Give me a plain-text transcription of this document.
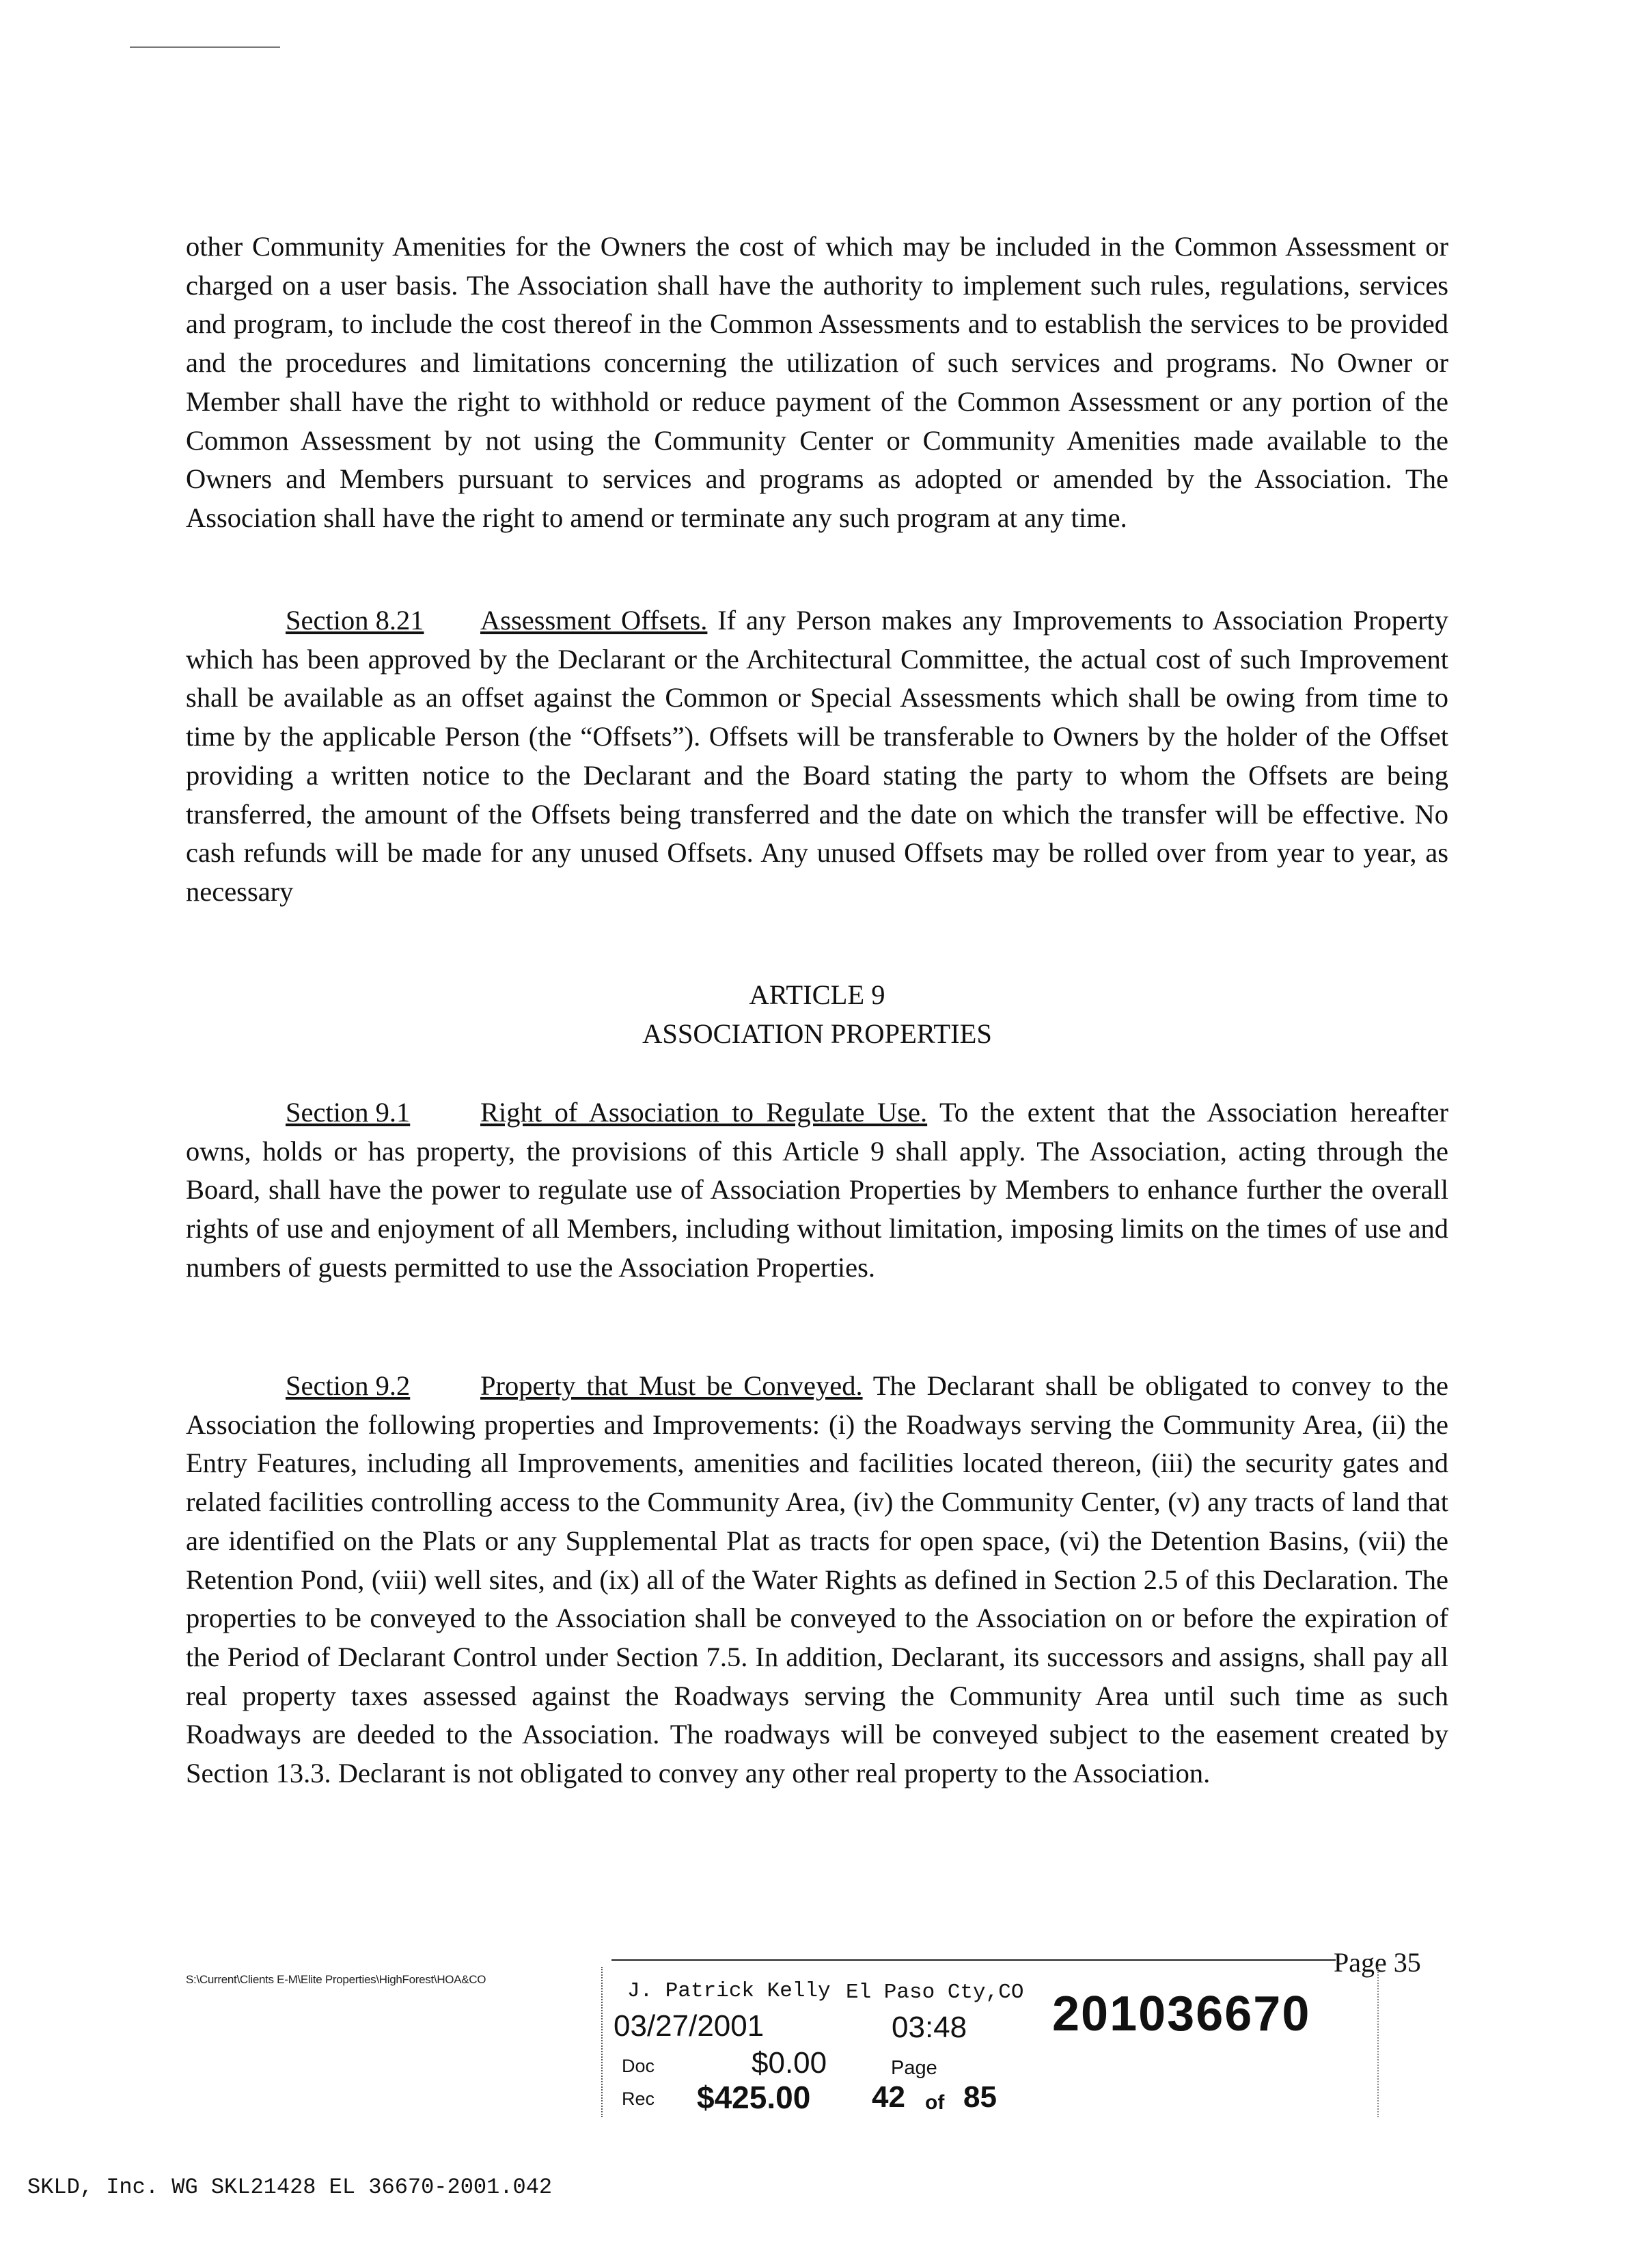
other Community Amenities for the Owners the cost of which may be included in the Common Assessment or charged on a user basis. The Association shall have the authority to implement such rules, regulations, services and program, to include the cost thereof in the Common Assessments and to establish the services to be provided and the procedures and limitations concerning the utilization of such services and programs. No Owner or Member shall have the right to withhold or reduce payment of the Common Assessment or any portion of the Common Assessment by not using the Community Center or Community Amenities made available to the Owners and Members pursuant to services and programs as adopted or amended by the Association. The Association shall have the right to amend or terminate any such program at any time.

Section 8.21 Assessment Offsets. If any Person makes any Improvements to Association Property which has been approved by the Declarant or the Architectural Committee, the actual cost of such Improvement shall be available as an offset against the Common or Special Assessments which shall be owing from time to time by the applicable Person (the “Offsets”). Offsets will be transferable to Owners by the holder of the Offset providing a written notice to the Declarant and the Board stating the party to whom the Offsets are being transferred, the amount of the Offsets being transferred and the date on which the transfer will be effective. No cash refunds will be made for any unused Offsets. Any unused Offsets may be rolled over from year to year, as necessary

ARTICLE 9
ASSOCIATION PROPERTIES

Section 9.1	Right of Association to Regulate Use. To the extent that the Association hereafter owns, holds or has property, the provisions of this Article 9 shall apply. The Association, acting through the Board, shall have the power to regulate use of Association Properties by Members to enhance further the overall rights of use and enjoyment of all Members, including without limitation, imposing limits on the times of use and numbers of guests permitted to use the Association Properties.

Section 9.2	Property that Must be Conveyed. The Declarant shall be obligated to convey to the Association the following properties and Improvements: (i) the Roadways serving the Community Area, (ii) the Entry Features, including all Improvements, amenities and facilities located thereon, (iii) the security gates and related facilities controlling access to the Community Area, (iv) the Community Center, (v) any tracts of land that are identified on the Plats or any Supplemental Plat as tracts for open space, (vi) the Detention Basins, (vii) the Retention Pond, (viii) well sites, and (ix) all of the Water Rights as defined in Section 2.5 of this Declaration. The properties to be conveyed to the Association shall be conveyed to the Association on or before the expiration of the Period of Declarant Control under Section 7.5. In addition, Declarant, its successors and assigns, shall pay all real property taxes assessed against the Roadways serving the Community Area until such time as such Roadways are deeded to the Association. The roadways will be conveyed subject to the easement created by Section 13.3. Declarant is not obligated to convey any other real property to the Association.

S:\Current\Clients E-M\Elite Properties\HighForest\HOA&CO
Page 35
J. Patrick Kelly El Paso Cty,CO
03/27/2001	03:48 201036670
Doc	$0.00	Page
Rec $425.00 42 of 85
SKLD, Inc. WG SKL21428 EL 36670-2001.042
